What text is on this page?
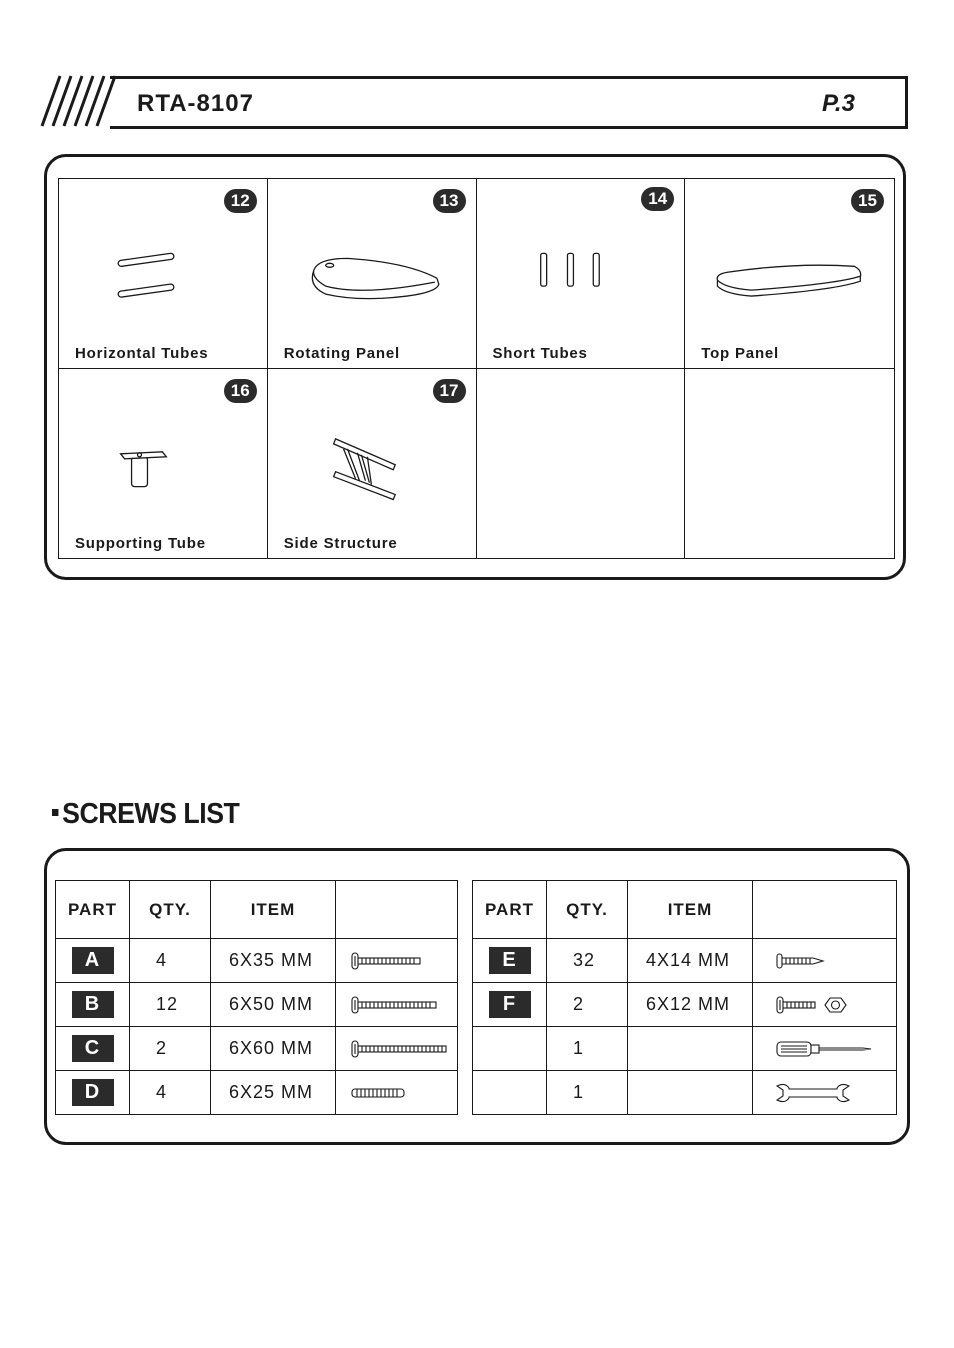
RTA-8107	P.3
12
Horizontal Tubes
13
Rotating Panel
14
Short Tubes
15
Top Panel
16
Supporting Tube
17
Side Structure
SCREWS LIST
PART	QTY.	ITEM	
A	4	6X35 MM	

B	12	6X50 MM	

C	2	6X60 MM	

D	4	6X25 MM	
PART	QTY.	ITEM	
E	32	4X14 MM	

F	2	6X12 MM	

	1		

	1		
